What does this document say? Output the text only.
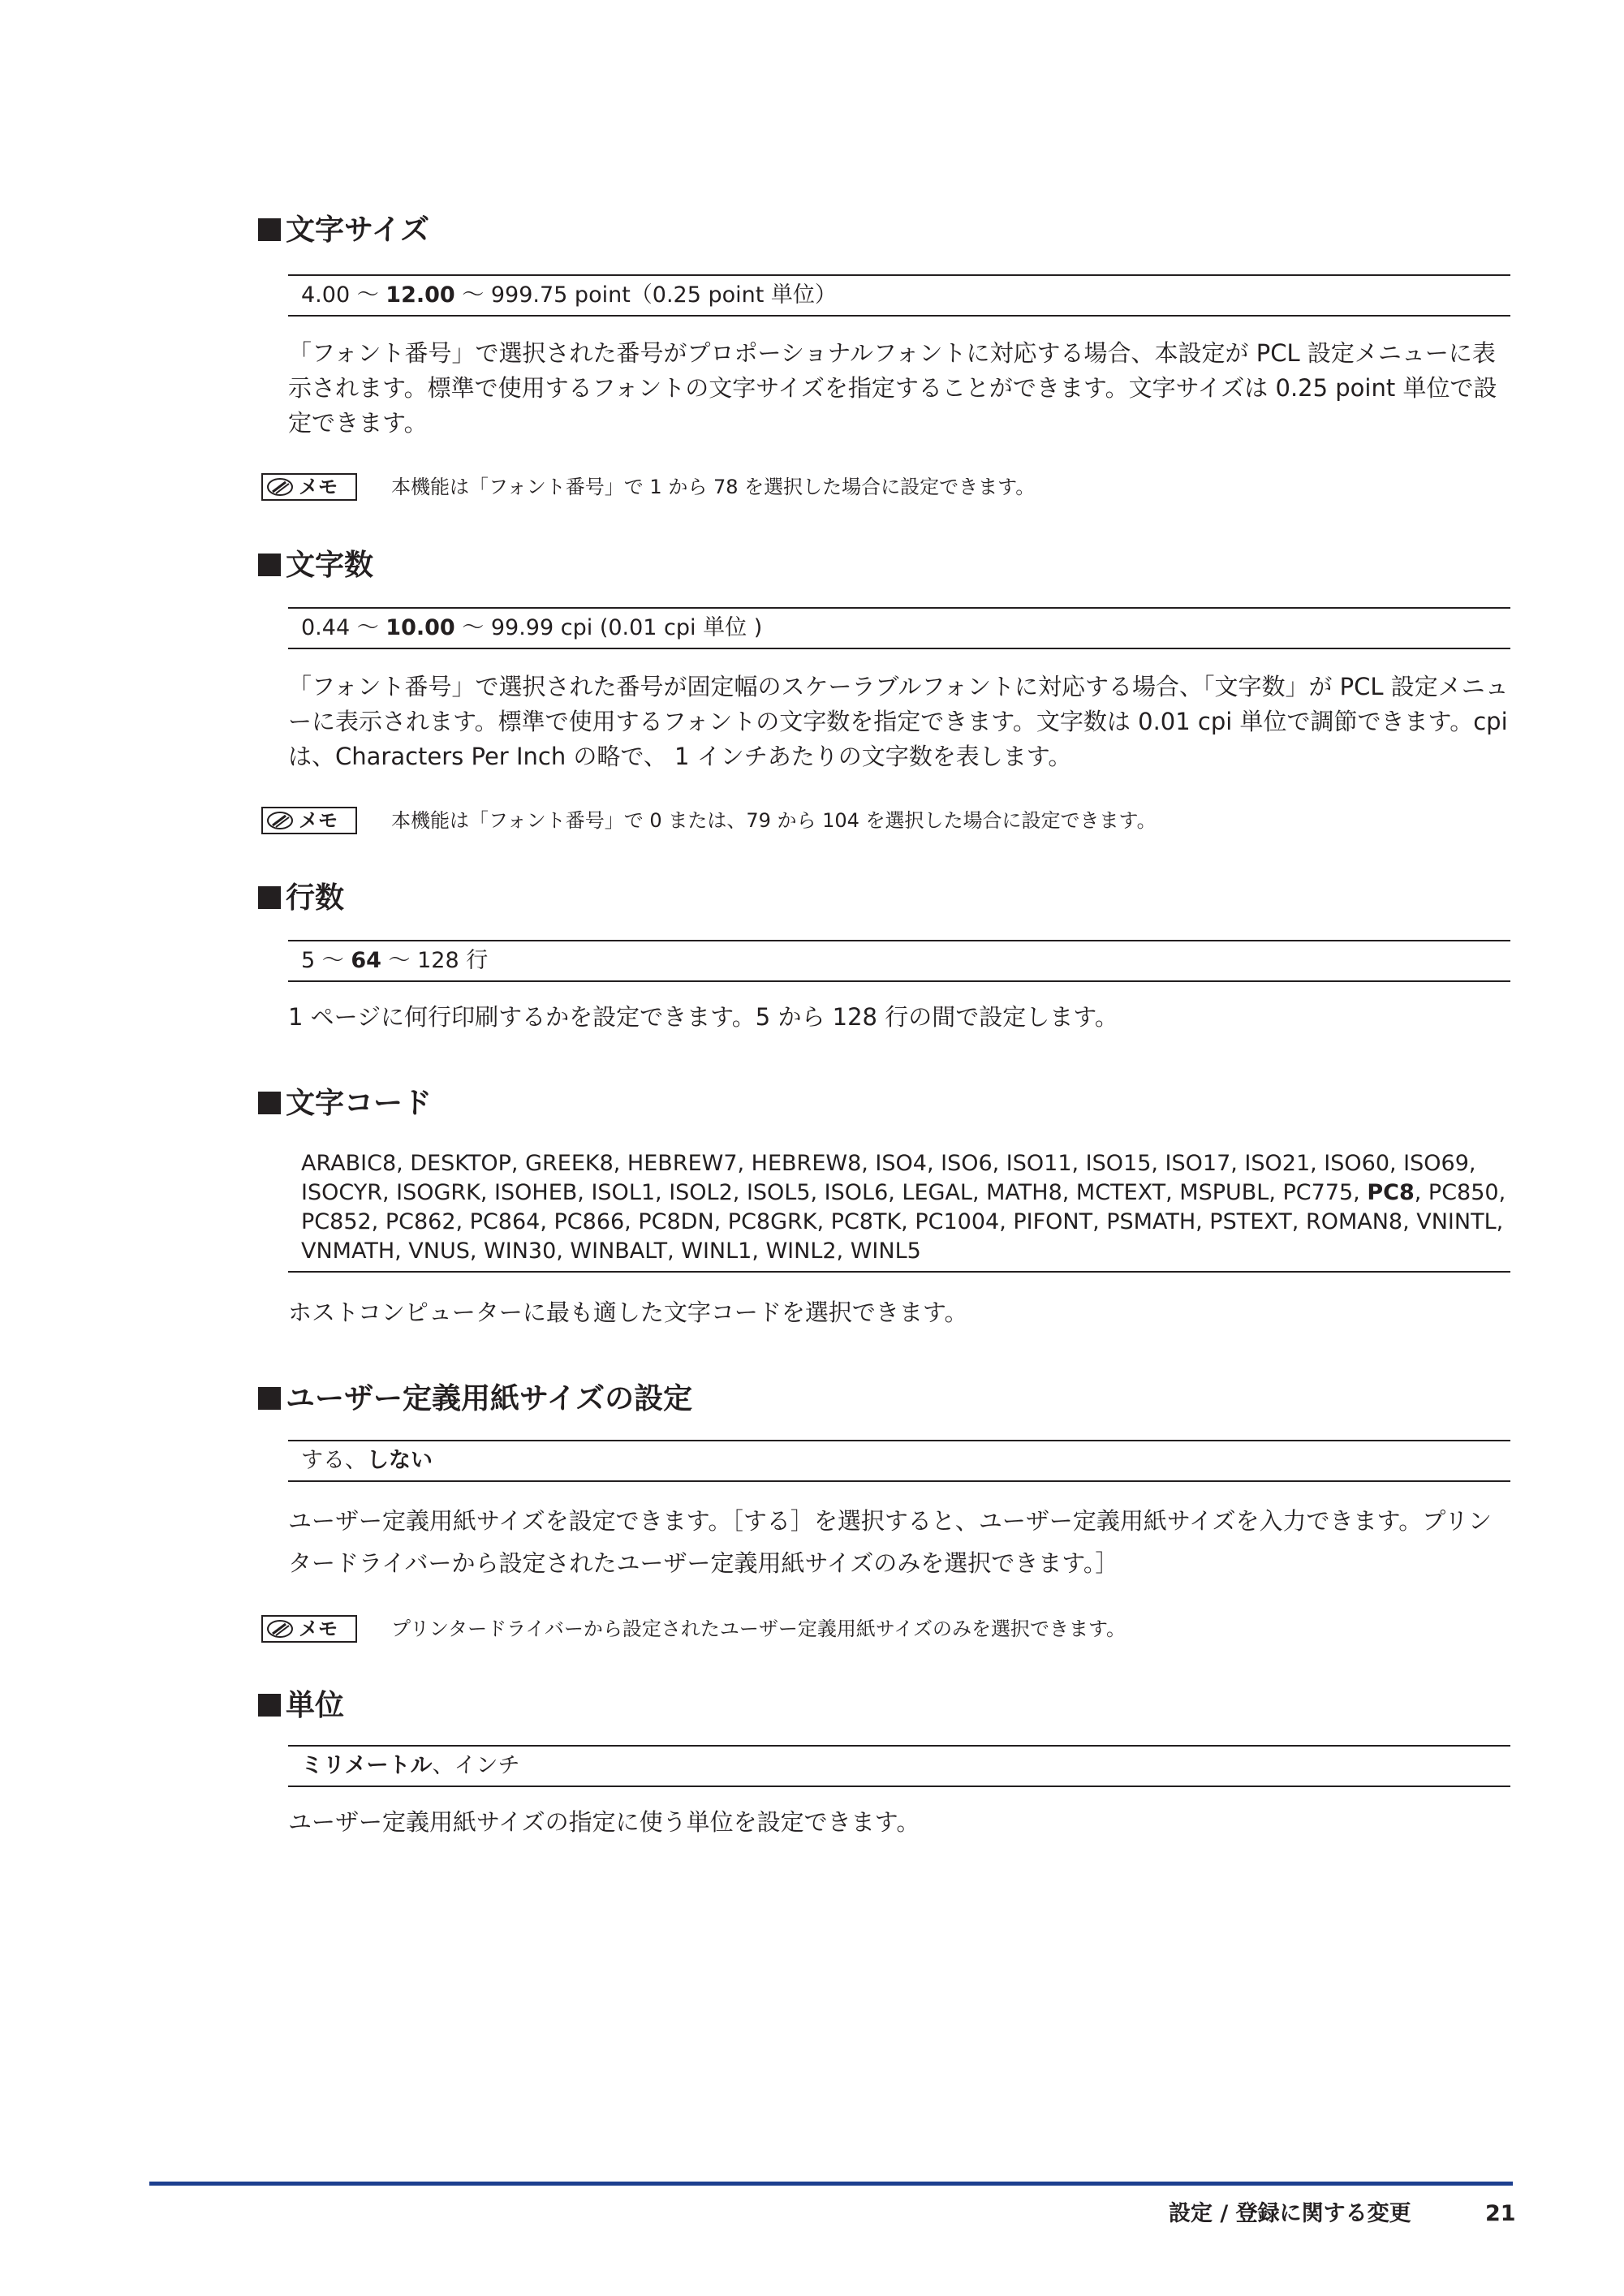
文字サイズ
4.00 ～ 12.00 ～ 999.75 point（0.25 point 単位）

「フォント番号」で選択された番号がプロポーショナルフォントに対応する場合、本設定が PCL 設定メニューに表示されます。標準で使用するフォントの文字サイズを指定することができます。文字サイズは 0.25 point 単位で設定できます。

メモ	本機能は「フォント番号」で 1 から 78 を選択した場合に設定できます。
文字数
0.44 ～ 10.00 ～ 99.99 cpi (0.01 cpi 単位 )

「フォント番号」で選択された番号が固定幅のスケーラブルフォントに対応する場合、「文字数」が PCL 設定メニューに表示されます。標準で使用するフォントの文字数を指定できます。文字数は 0.01 cpi 単位で調節できます。cpi は、Characters Per Inch の略で、 1 インチあたりの文字数を表します。

メモ	本機能は「フォント番号」で 0 または、79 から 104 を選択した場合に設定できます。
行数
5 ～ 64 ～ 128 行

1 ページに何行印刷するかを設定できます。5 から 128 行の間で設定します。

文字コード
ARABIC8, DESKTOP, GREEK8, HEBREW7, HEBREW8, ISO4, ISO6, ISO11, ISO15, ISO17, ISO21, ISO60, ISO69, ISOCYR, ISOGRK, ISOHEB, ISOL1, ISOL2, ISOL5, ISOL6, LEGAL, MATH8, MCTEXT, MSPUBL, PC775, PC8, PC850, PC852, PC862, PC864, PC866, PC8DN, PC8GRK, PC8TK, PC1004, PIFONT, PSMATH, PSTEXT, ROMAN8, VNINTL, VNMATH, VNUS, WIN30, WINBALT, WINL1, WINL2, WINL5

ホストコンピューターに最も適した文字コードを選択できます。

ユーザー定義用紙サイズの設定
する、しない

ユーザー定義用紙サイズを設定できます。［する］を選択すると、ユーザー定義用紙サイズを入力できます。プリンタードライバーから設定されたユーザー定義用紙サイズのみを選択できます。］

メモ	プリンタードライバーから設定されたユーザー定義用紙サイズのみを選択できます。
単位
ミリメートル、インチ

ユーザー定義用紙サイズの指定に使う単位を設定できます。

設定 / 登録に関する変更	21
